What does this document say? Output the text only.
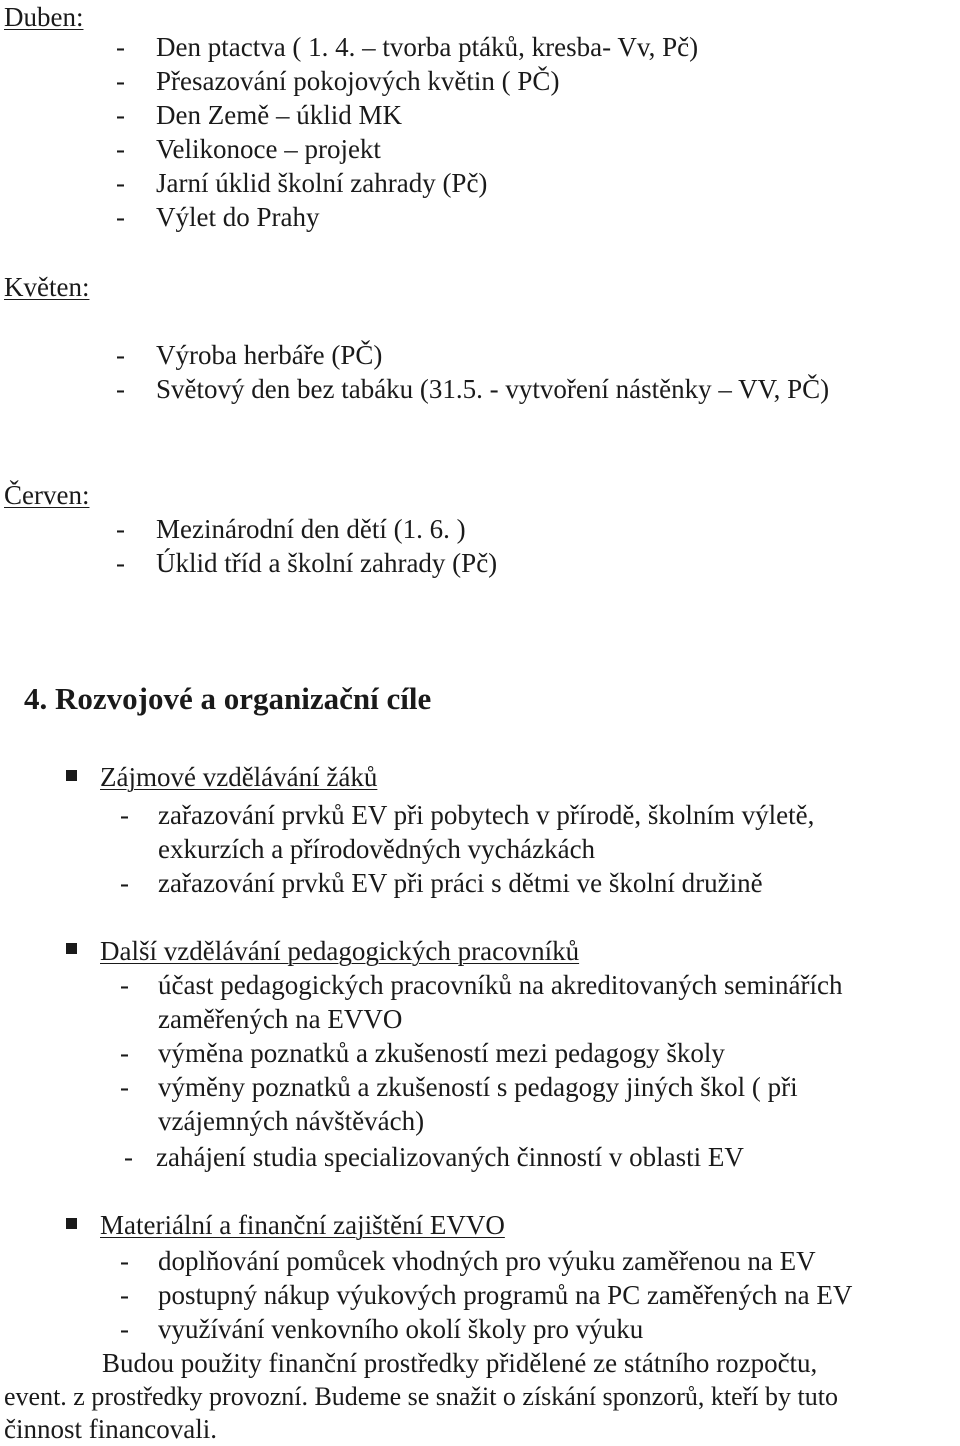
Duben:
- Den ptactva ( 1. 4. – tvorba ptáků, kresba- Vv, Pč)
- Přesazování pokojových květin ( PČ)
- Den Země – úklid MK
- Velikonoce – projekt
- Jarní úklid školní zahrady (Pč)
- Výlet do Prahy
Květen:
- Výroba herbáře (PČ)
- Světový den bez tabáku (31.5. - vytvoření nástěnky – VV, PČ)
Červen:
- Mezinárodní den dětí (1. 6. )
- Úklid tříd a školní zahrady (Pč)
4. Rozvojové a organizační cíle
Zájmové vzdělávání žáků
- zařazování prvků EV při pobytech v přírodě, školním výletě,
exkurzích a přírodovědných vycházkách
- zařazování prvků EV při práci s dětmi ve školní družině
Další vzdělávání pedagogických pracovníků
- účast pedagogických pracovníků na akreditovaných seminářích
zaměřených na EVVO
- výměna poznatků a zkušeností mezi pedagogy školy
- výměny poznatků a zkušeností s pedagogy jiných škol ( při
vzájemných návštěvách)
- zahájení studia specializovaných činností v oblasti EV
Materiální a finanční zajištění EVVO
- doplňování pomůcek vhodných pro výuku zaměřenou na EV
- postupný nákup výukových programů na PC zaměřených na EV
- využívání venkovního okolí školy pro výuku
Budou použity finanční prostředky přidělené ze státního rozpočtu,
event. z prostředky provozní. Budeme se snažit o získání sponzorů, kteří by tuto
činnost financovali.
